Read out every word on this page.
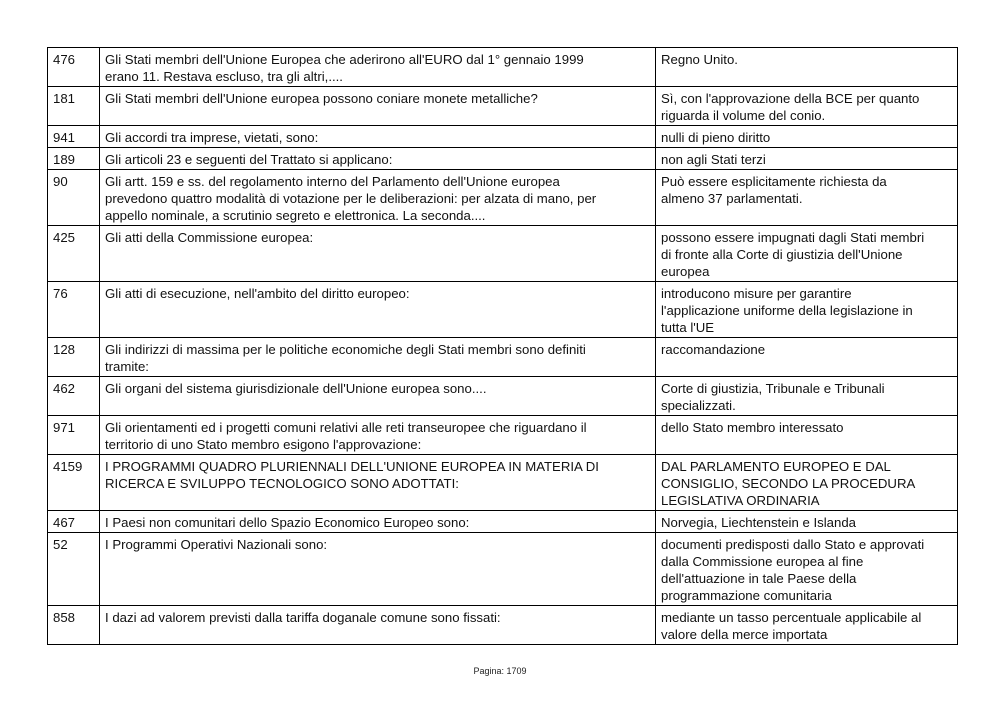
476	Gli Stati membri dell'Unione Europea che aderirono all'EURO dal 1° gennaio 1999
erano 11. Restava escluso, tra gli altri,....	Regno Unito.
181	Gli Stati membri dell'Unione europea possono coniare monete metalliche?	Sì, con l'approvazione della BCE per quanto
riguarda il volume del conio.
941	Gli accordi tra imprese, vietati, sono:	nulli di pieno diritto
189	Gli articoli 23 e seguenti del Trattato si applicano:	non agli Stati terzi
90	Gli artt. 159 e ss. del regolamento interno del Parlamento dell'Unione europea
prevedono quattro modalità di votazione per le deliberazioni: per alzata di mano, per
appello nominale, a scrutinio segreto e elettronica. La seconda....	Può essere esplicitamente richiesta da
almeno 37 parlamentati.
425	Gli atti della Commissione europea:	possono essere impugnati dagli Stati membri
di fronte alla Corte di giustizia dell'Unione
europea
76	Gli atti di esecuzione, nell'ambito del diritto europeo:	introducono misure per garantire
l'applicazione uniforme della legislazione in
tutta l'UE
128	Gli indirizzi di massima per le politiche economiche degli Stati membri sono definiti
tramite:	raccomandazione
462	Gli organi del sistema giurisdizionale dell'Unione europea sono....	Corte di giustizia, Tribunale e Tribunali
specializzati.
971	Gli orientamenti ed i progetti comuni relativi alle reti transeuropee che riguardano il
territorio di uno Stato membro esigono l'approvazione:	dello Stato membro interessato
4159	I PROGRAMMI QUADRO PLURIENNALI DELL'UNIONE EUROPEA IN MATERIA DI
RICERCA E SVILUPPO TECNOLOGICO SONO ADOTTATI:	DAL PARLAMENTO EUROPEO E DAL
CONSIGLIO, SECONDO LA PROCEDURA
LEGISLATIVA ORDINARIA
467	I Paesi non comunitari dello Spazio Economico Europeo sono:	Norvegia, Liechtenstein e Islanda
52	I Programmi Operativi Nazionali sono:	documenti predisposti dallo Stato e approvati
dalla Commissione europea al fine
dell'attuazione in tale Paese della
programmazione comunitaria
858	I dazi ad valorem previsti dalla tariffa doganale comune sono fissati:	mediante un tasso percentuale applicabile al
valore della merce importata
Pagina: 1709
